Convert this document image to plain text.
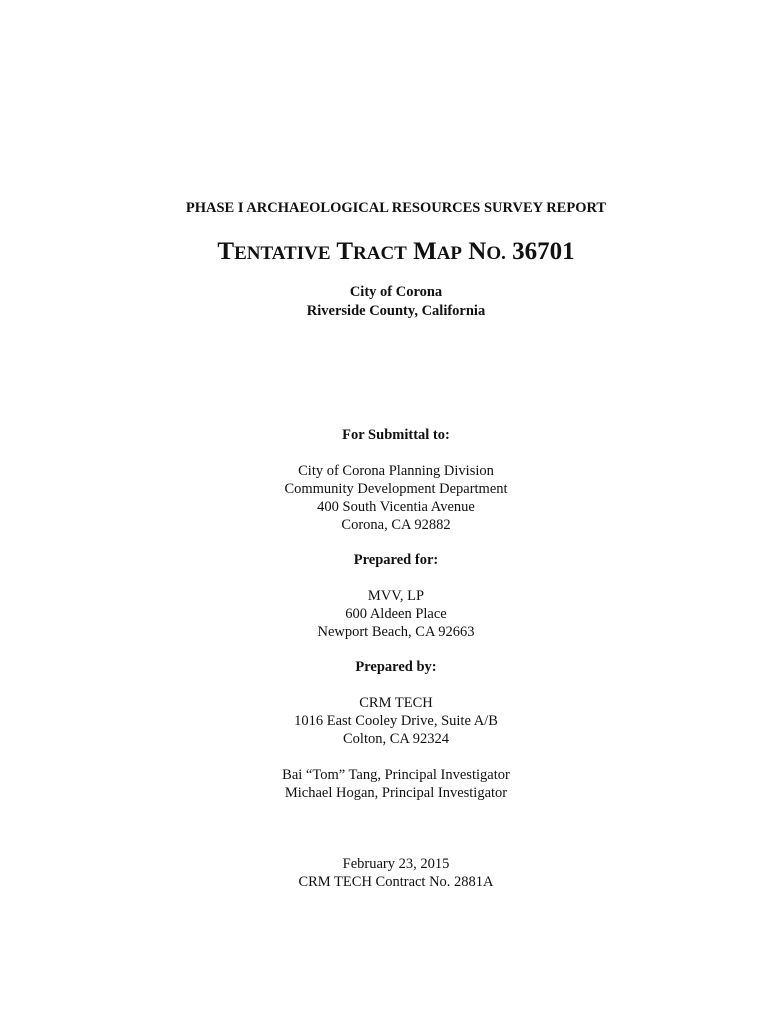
PHASE I ARCHAEOLOGICAL RESOURCES SURVEY REPORT
TENTATIVE TRACT MAP NO. 36701
City of Corona
Riverside County, California
For Submittal to:
City of Corona Planning Division
Community Development Department
400 South Vicentia Avenue
Corona, CA 92882
Prepared for:
MVV, LP
600 Aldeen Place
Newport Beach, CA 92663
Prepared by:
CRM TECH
1016 East Cooley Drive, Suite A/B
Colton, CA 92324
Bai “Tom” Tang, Principal Investigator
Michael Hogan, Principal Investigator
February 23, 2015
CRM TECH Contract No. 2881A
